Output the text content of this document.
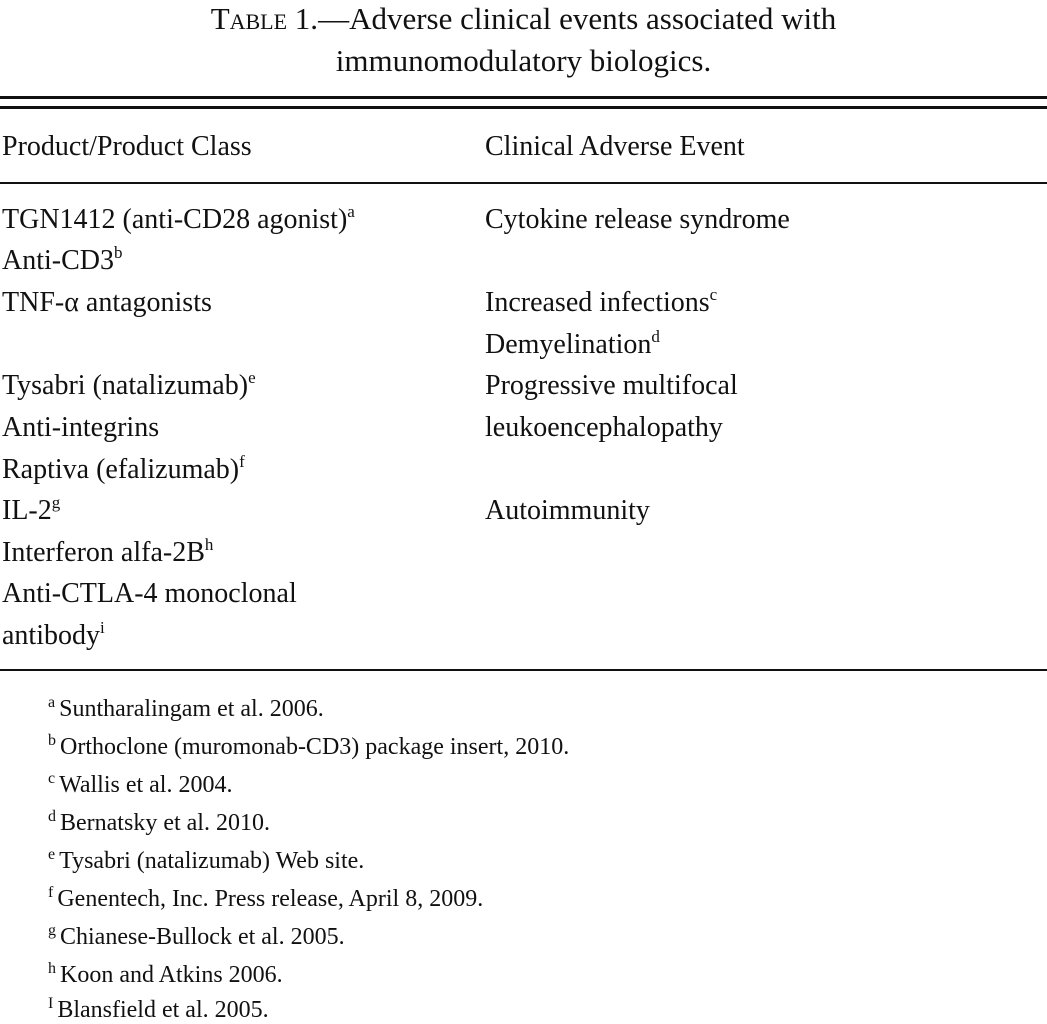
Table 1.—Adverse clinical events associated with
immunomodulatory biologics.
Product/Product Class	Clinical Adverse Event
TGN1412 (anti-CD28 agonist)$^a$
Anti-CD3$^b$
TNF-α antagonists
Tysabri (natalizumab)$^e$
Anti-integrins
Raptiva (efalizumab)$^f$
IL-2$^g$
Interferon alfa-$2B^h$
Anti-CTLA-4 monoclonal
antibody$^i$
Cytokine release syndrome
Increased infections$^c$
Demyelination$^d$
Progressive multifocal
leukoencephalopathy
Autoimmunity
$^a$ Suntharalingam et al. 2006.
$^b$ Orthoclone (muromonab-CD3) package insert, 2010.
$^c$ Wallis et al. 2004.
$^d$ Bernatsky et al. 2010.
$^e$ Tysabri (natalizumab) Web site.
$^f$ Genentech, Inc. Press release, April 8, 2009.
$^g$ Chianese-Bullock et al. 2005.
$^h$ Koon and Atkins 2006.
$^I$ Blansfield et al. 2005.
